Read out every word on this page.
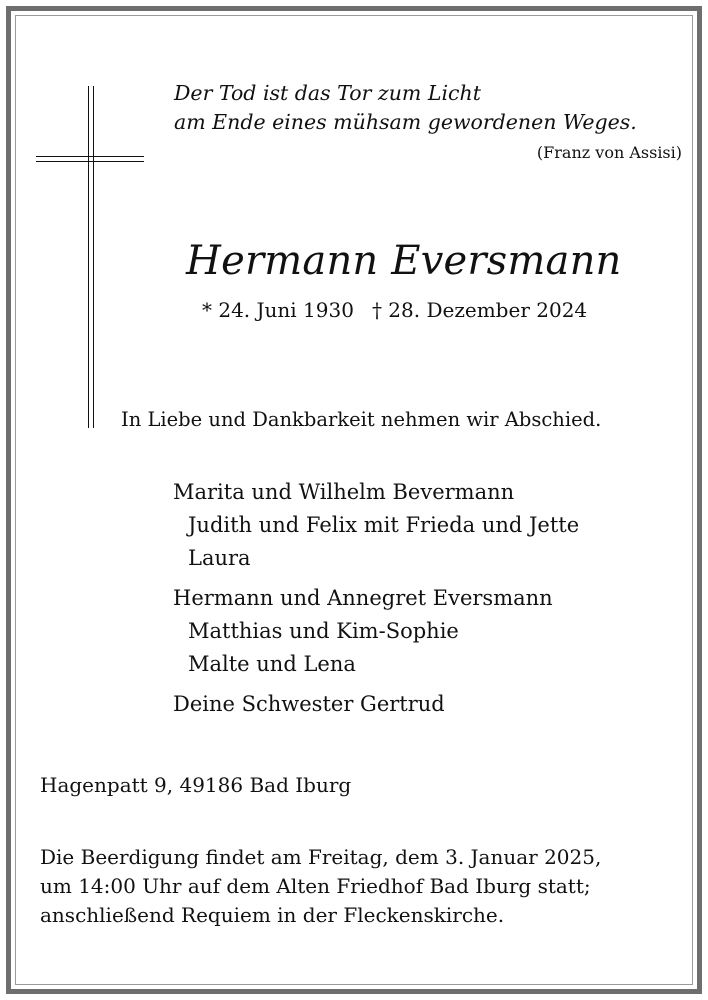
Der Tod ist das Tor zum Licht
am Ende eines mühsam gewordenen Weges.
(Franz von Assisi)
Hermann Eversmann
* 24. Juni 1930 † 28. Dezember 2024
In Liebe und Dankbarkeit nehmen wir Abschied.
Marita und Wilhelm Bevermann
Judith und Felix mit Frieda und Jette
Laura
Hermann und Annegret Eversmann
Matthias und Kim-Sophie
Malte und Lena
Deine Schwester Gertrud
Hagenpatt 9, 49186 Bad Iburg
Die Beerdigung findet am Freitag, dem 3. Januar 2025,
um 14:00 Uhr auf dem Alten Friedhof Bad Iburg statt;
anschließend Requiem in der Fleckenskirche.
